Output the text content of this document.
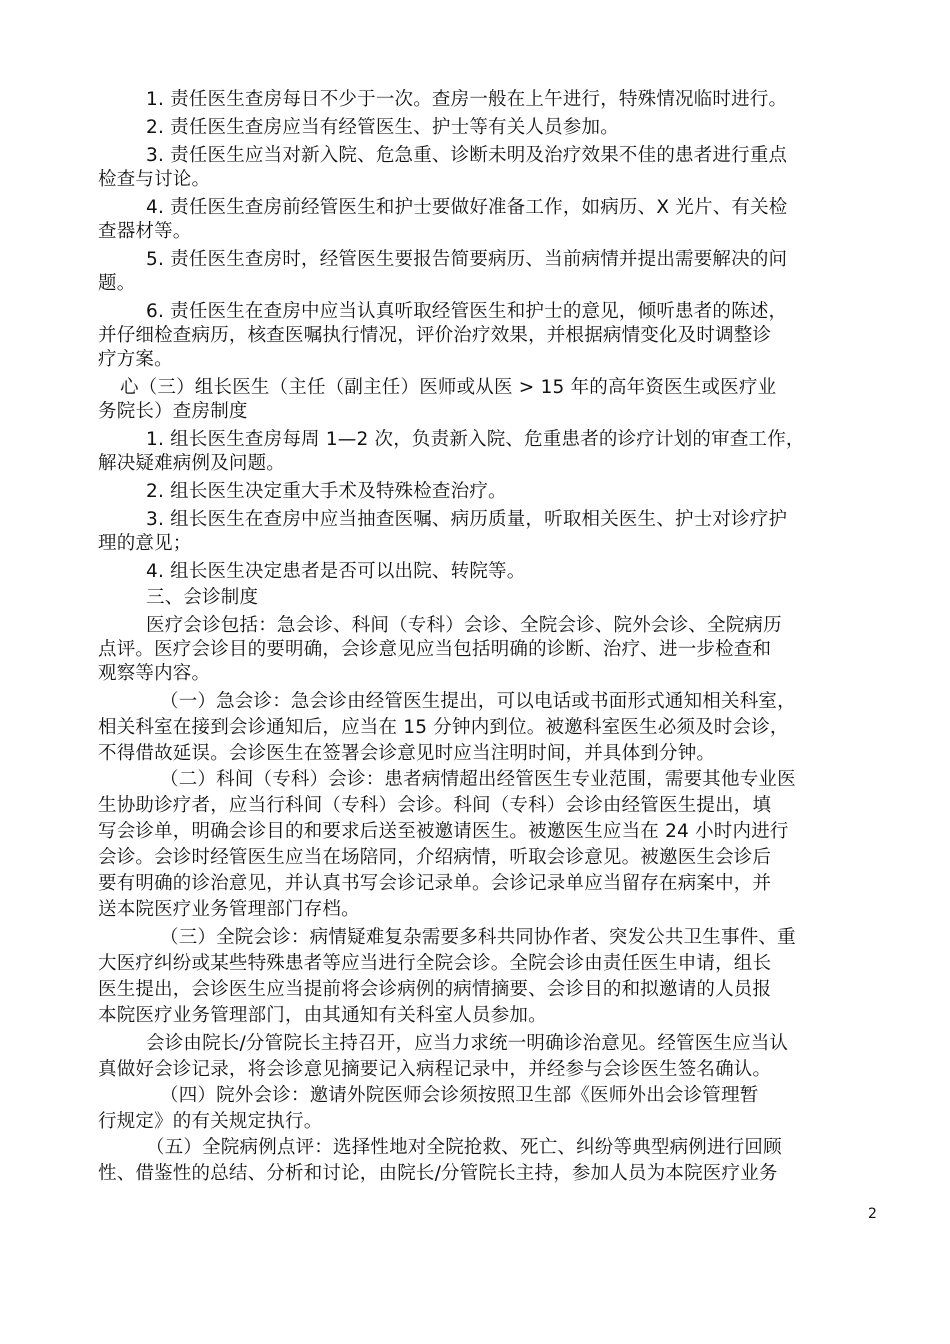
1. 责任医生查房每日不少于一次。查房一般在上午进行，特殊情况临时进行。
2. 责任医生查房应当有经管医生、护士等有关人员参加。
3. 责任医生应当对新入院、危急重、诊断未明及治疗效果不佳的患者进行重点
检查与讨论。
4. 责任医生查房前经管医生和护士要做好准备工作，如病历、X 光片、有关检
查器材等。
5. 责任医生查房时，经管医生要报告简要病历、当前病情并提出需要解决的问
题。
6. 责任医生在查房中应当认真听取经管医生和护士的意见，倾听患者的陈述，
并仔细检查病历，核查医嘱执行情况，评价治疗效果，并根据病情变化及时调整诊
疗方案。
心（三）组长医生（主任（副主任）医师或从医 > 15 年的高年资医生或医疗业
务院长）查房制度
1. 组长医生查房每周 1—2 次，负责新入院、危重患者的诊疗计划的审查工作，
解决疑难病例及问题。
2. 组长医生决定重大手术及特殊检查治疗。
3. 组长医生在查房中应当抽查医嘱、病历质量，听取相关医生、护士对诊疗护
理的意见；
4. 组长医生决定患者是否可以出院、转院等。
三、会诊制度
医疗会诊包括：急会诊、科间（专科）会诊、全院会诊、院外会诊、全院病历
点评。医疗会诊目的要明确，会诊意见应当包括明确的诊断、治疗、进一步检查和
观察等内容。
（一）急会诊：急会诊由经管医生提出，可以电话或书面形式通知相关科室，
相关科室在接到会诊通知后，应当在 15 分钟内到位。被邀科室医生必须及时会诊，
不得借故延误。会诊医生在签署会诊意见时应当注明时间，并具体到分钟。
（二）科间（专科）会诊：患者病情超出经管医生专业范围，需要其他专业医
生协助诊疗者，应当行科间（专科）会诊。科间（专科）会诊由经管医生提出，填
写会诊单，明确会诊目的和要求后送至被邀请医生。被邀医生应当在 24 小时内进行
会诊。会诊时经管医生应当在场陪同，介绍病情，听取会诊意见。被邀医生会诊后
要有明确的诊治意见，并认真书写会诊记录单。会诊记录单应当留存在病案中，并
送本院医疗业务管理部门存档。
（三）全院会诊：病情疑难复杂需要多科共同协作者、突发公共卫生事件、重
大医疗纠纷或某些特殊患者等应当进行全院会诊。全院会诊由责任医生申请，组长
医生提出，会诊医生应当提前将会诊病例的病情摘要、会诊目的和拟邀请的人员报
本院医疗业务管理部门，由其通知有关科室人员参加。
会诊由院长/分管院长主持召开，应当力求统一明确诊治意见。经管医生应当认
真做好会诊记录，将会诊意见摘要记入病程记录中，并经参与会诊医生签名确认。
（四）院外会诊：邀请外院医师会诊须按照卫生部《医师外出会诊管理暂
行规定》的有关规定执行。
（五）全院病例点评：选择性地对全院抢救、死亡、纠纷等典型病例进行回顾
性、借鉴性的总结、分析和讨论，由院长/分管院长主持，参加人员为本院医疗业务
2
